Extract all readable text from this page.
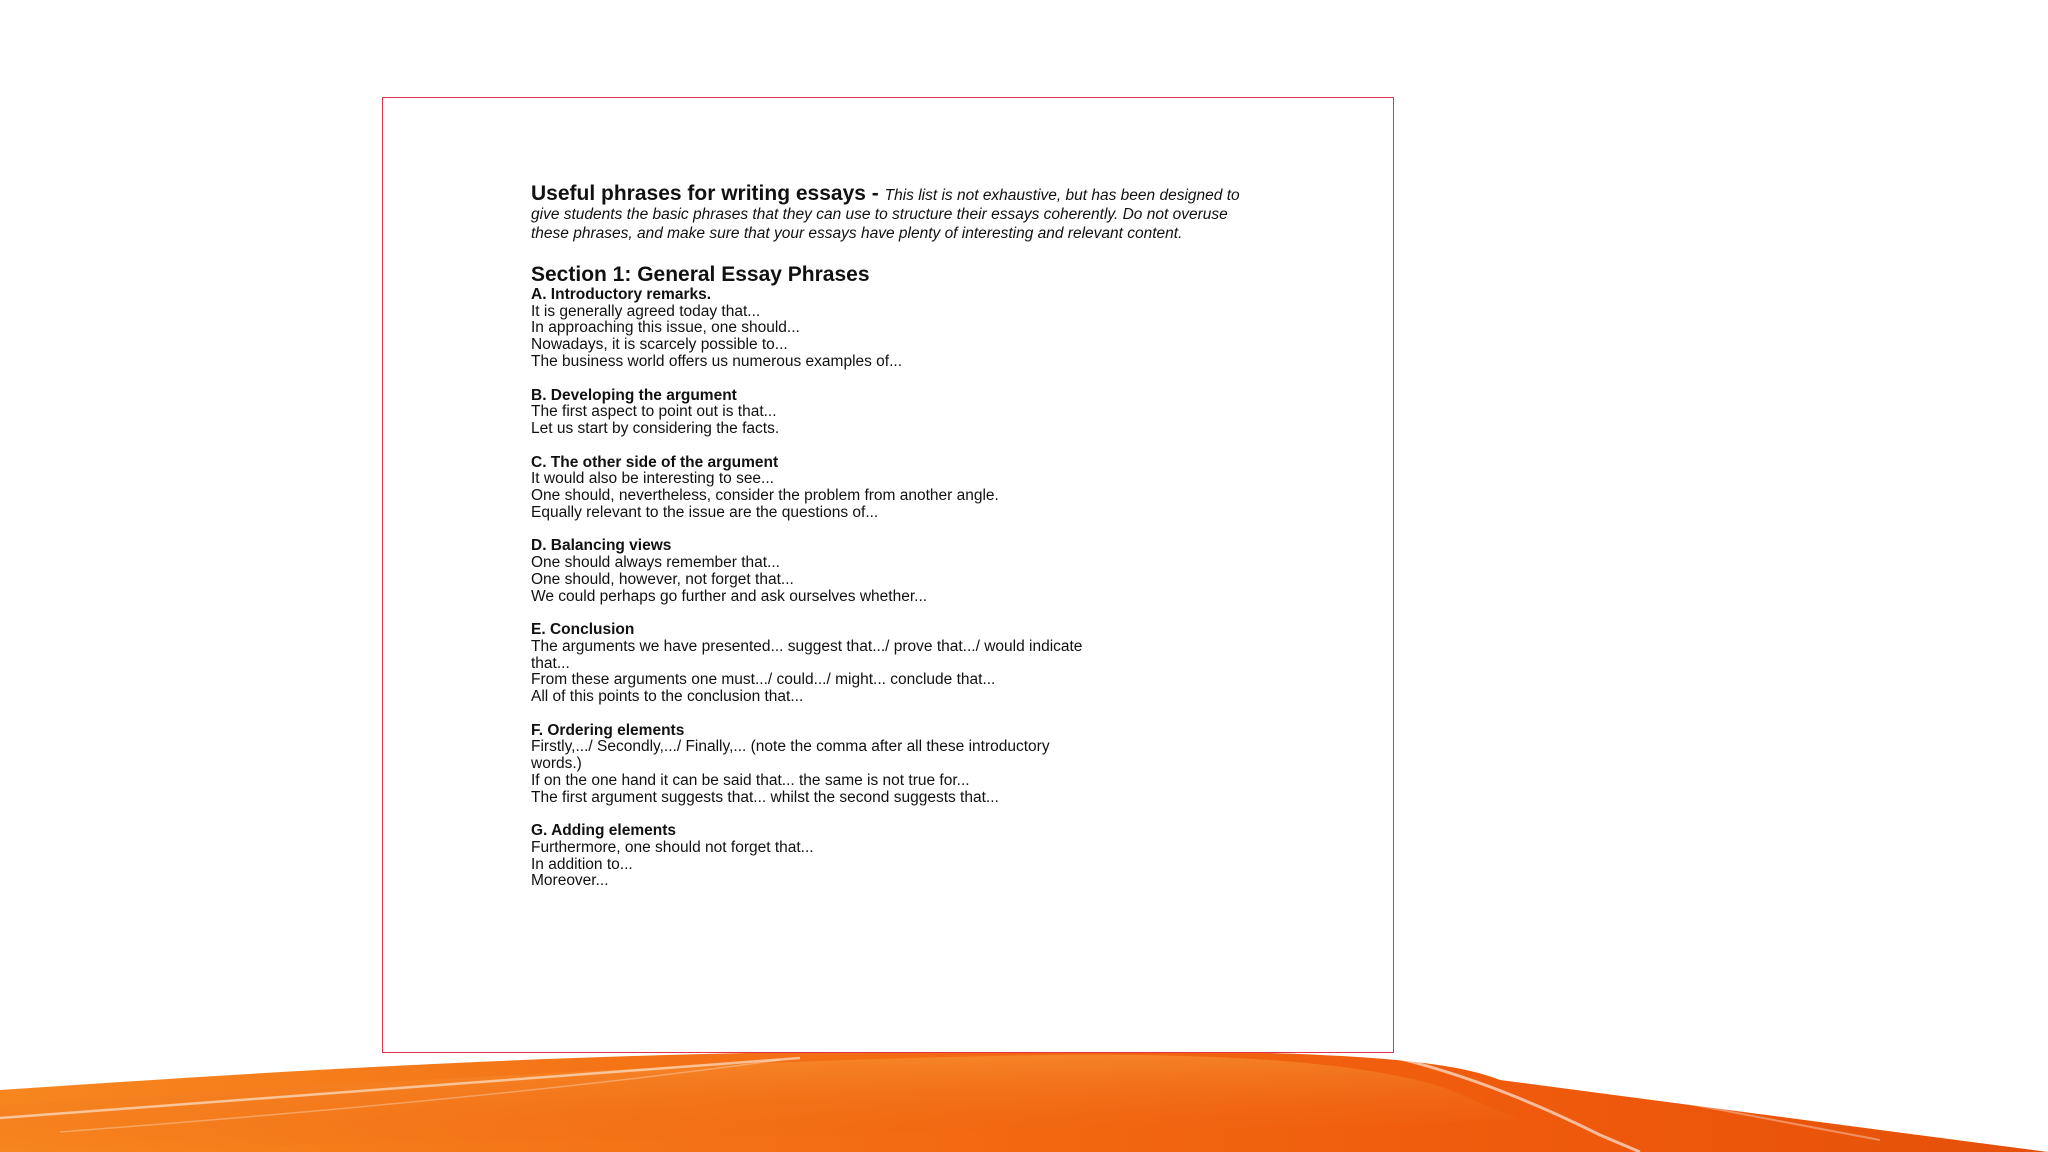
Useful phrases for writing essays - This list is not exhaustive, but has been designed to give students the basic phrases that they can use to structure their essays coherently. Do not overuse these phrases, and make sure that your essays have plenty of interesting and relevant content.

Section 1: General Essay Phrases
A. Introductory remarks.
It is generally agreed today that...
In approaching this issue, one should...
Nowadays, it is scarcely possible to...
The business world offers us numerous examples of...
B. Developing the argument
The first aspect to point out is that...
Let us start by considering the facts.
C. The other side of the argument
It would also be interesting to see...
One should, nevertheless, consider the problem from another angle.
Equally relevant to the issue are the questions of...
D. Balancing views
One should always remember that...
One should, however, not forget that...
We could perhaps go further and ask ourselves whether...
E. Conclusion
The arguments we have presented... suggest that.../ prove that.../ would indicate
that...
From these arguments one must.../ could.../ might... conclude that...
All of this points to the conclusion that...
F. Ordering elements
Firstly,.../ Secondly,.../ Finally,... (note the comma after all these introductory
words.)
If on the one hand it can be said that... the same is not true for...
The first argument suggests that... whilst the second suggests that...
G. Adding elements
Furthermore, one should not forget that...
In addition to...
Moreover...
